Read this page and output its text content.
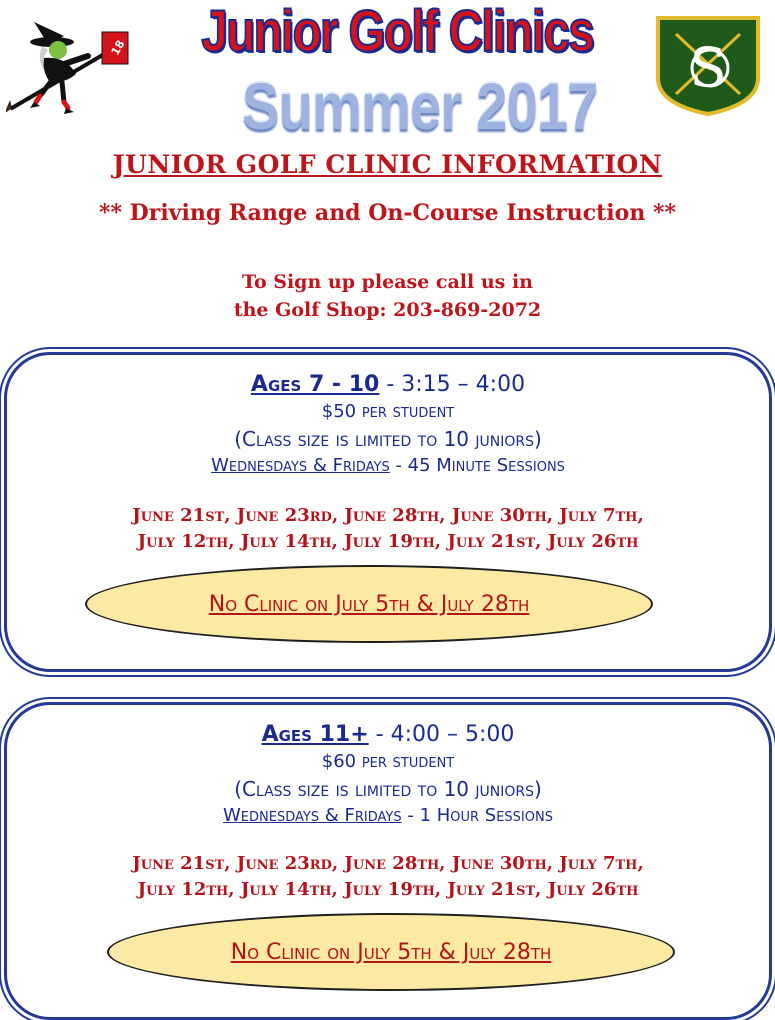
18 Junior Golf Clinics
Summer 2017
S
JUNIOR GOLF CLINIC INFORMATION
** Driving Range and On-Course Instruction **
To Sign up please call us in
the Golf Shop: 203-869-2072
Ages 7 - 10 - 3:15 – 4:00
$50 per student
(Class size is limited to 10 juniors)
Wednesdays & Fridays - 45 Minute Sessions
June 21st, June 23rd, June 28th, June 30th, July 7th,
July 12th, July 14th, July 19th, July 21st, July 26th
No Clinic on July 5th & July 28th
Ages 11+ - 4:00 – 5:00
$60 per student
(Class size is limited to 10 juniors)
Wednesdays & Fridays - 1 Hour Sessions
June 21st, June 23rd, June 28th, June 30th, July 7th,
July 12th, July 14th, July 19th, July 21st, July 26th
No Clinic on July 5th & July 28th
